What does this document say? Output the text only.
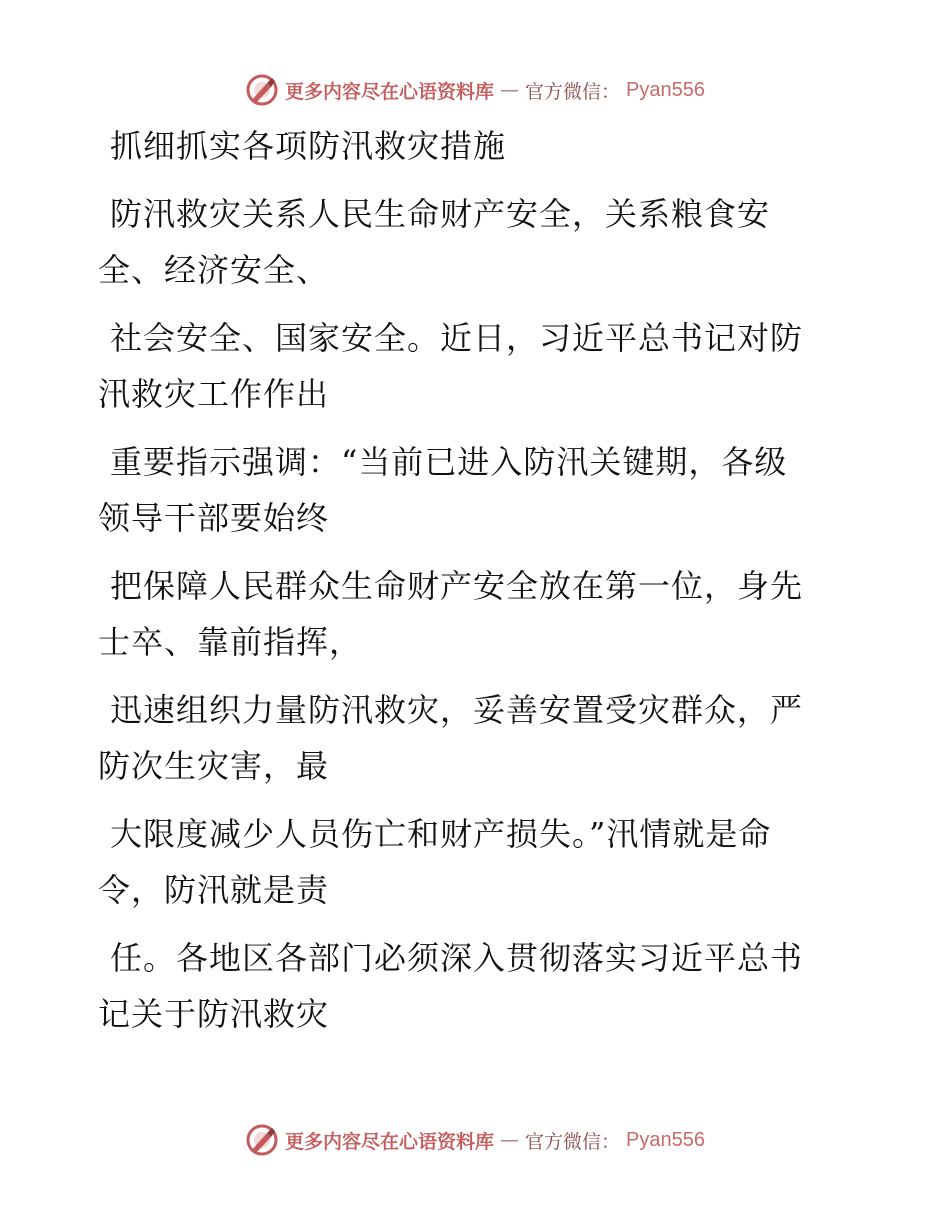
更多内容尽在心语资料库 — 官方微信： Pyan556
抓细抓实各项防汛救灾措施
防汛救灾关系人民生命财产安全，关系粮食安
全、经济安全、
社会安全、国家安全。近日，习近平总书记对防
汛救灾工作作出
重要指示强调：“当前已进入防汛关键期，各级
领导干部要始终
把保障人民群众生命财产安全放在第一位，身先
士卒、靠前指挥，
迅速组织力量防汛救灾，妥善安置受灾群众，严
防次生灾害，最
大限度减少人员伤亡和财产损失。”汛情就是命
令，防汛就是责
任。各地区各部门必须深入贯彻落实习近平总书
记关于防汛救灾
更多内容尽在心语资料库 — 官方微信： Pyan556
